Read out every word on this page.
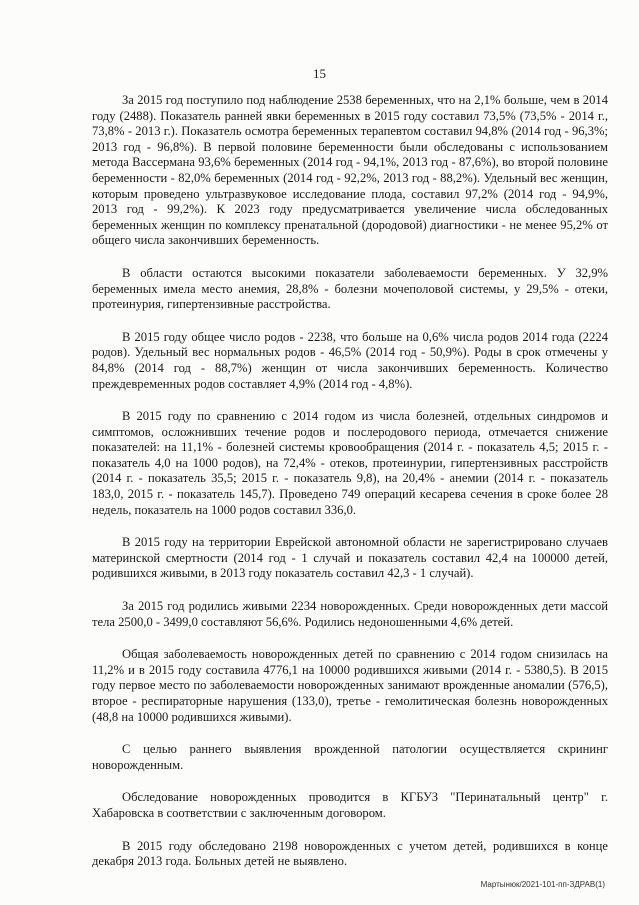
15

За 2015 год поступило под наблюдение 2538 беременных, что на 2,1% больше, чем в 2014 году (2488). Показатель ранней явки беременных в 2015 году составил 73,5% (73,5% - 2014 г., 73,8% - 2013 г.). Показатель осмотра беременных терапевтом составил 94,8% (2014 год - 96,3%; 2013 год - 96,8%). В первой половине беременности были обследованы с использованием метода Вассермана 93,6% беременных (2014 год - 94,1%, 2013 год - 87,6%), во второй половине беременности - 82,0% беременных (2014 год - 92,2%, 2013 год - 88,2%). Удельный вес женщин, которым проведено ультразвуковое исследование плода, составил 97,2% (2014 год - 94,9%, 2013 год - 99,2%). К 2023 году предусматривается увеличение числа обследованных беременных женщин по комплексу пренатальной (дородовой) диагностики - не менее 95,2% от общего числа закончивших беременность.

В области остаются высокими показатели заболеваемости беременных. У 32,9% беременных имела место анемия, 28,8% - болезни мочеполовой системы, у 29,5% - отеки, протеинурия, гипертензивные расстройства.

В 2015 году общее число родов - 2238, что больше на 0,6% числа родов 2014 года (2224 родов). Удельный вес нормальных родов - 46,5% (2014 год - 50,9%). Роды в срок отмечены у 84,8% (2014 год - 88,7%) женщин от числа закончивших беременность. Количество преждевременных родов составляет 4,9% (2014 год - 4,8%).

В 2015 году по сравнению с 2014 годом из числа болезней, отдельных синдромов и симптомов, осложнивших течение родов и послеродового периода, отмечается снижение показателей: на 11,1% - болезней системы кровообращения (2014 г. - показатель 4,5; 2015 г. - показатель 4,0 на 1000 родов), на 72,4% - отеков, протеинурии, гипертензивных расстройств (2014 г. - показатель 35,5; 2015 г. - показатель 9,8), на 20,4% - анемии (2014 г. - показатель 183,0, 2015 г. - показатель 145,7). Проведено 749 операций кесарева сечения в сроке более 28 недель, показатель на 1000 родов составил 336,0.

В 2015 году на территории Еврейской автономной области не зарегистрировано случаев материнской смертности (2014 год - 1 случай и показатель составил 42,4 на 100000 детей, родившихся живыми, в 2013 году показатель составил 42,3 - 1 случай).

За 2015 год родились живыми 2234 новорожденных. Среди новорожденных дети массой тела 2500,0 - 3499,0 составляют 56,6%. Родились недоношенными 4,6% детей.

Общая заболеваемость новорожденных детей по сравнению с 2014 годом снизилась на 11,2% и в 2015 году составила 4776,1 на 10000 родившихся живыми (2014 г. - 5380,5). В 2015 году первое место по заболеваемости новорожденных занимают врожденные аномалии (576,5), второе - респираторные нарушения (133,0), третье - гемолитическая болезнь новорожденных (48,8 на 10000 родившихся живыми).

С целью раннего выявления врожденной патологии осуществляется скрининг новорожденным.

Обследование новорожденных проводится в КГБУЗ "Перинатальный центр" г. Хабаровска в соответствии с заключенным договором.

В 2015 году обследовано 2198 новорожденных с учетом детей, родившихся в конце декабря 2013 года. Больных детей не выявлено.

Мартынюк/2021-101-пп-ЗДРАВ(1)
